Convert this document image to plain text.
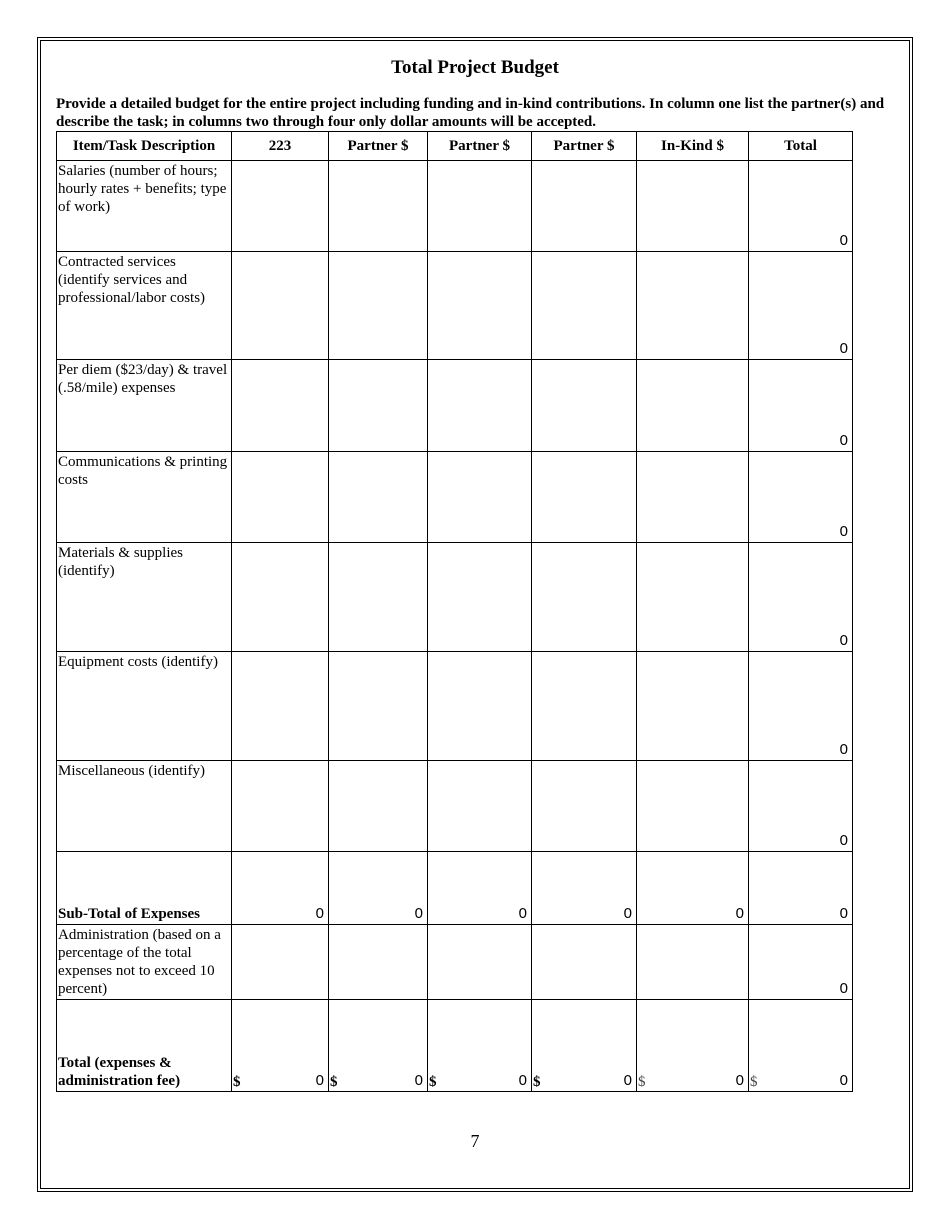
Total Project Budget
Provide a detailed budget for the entire project including funding and in-kind contributions. In column one list the partner(s) and describe the task; in columns two through four only dollar amounts will be accepted.
Item/Task Description	223	Partner $	Partner $	Partner $	In-Kind $	Total

Salaries (number of hours; hourly rates + benefits; type of work)						0

Contracted services (identify services and professional/labor costs)						0

Per diem ($23/day) & travel (.58/mile) expenses						0

Communications & printing costs						0

Materials & supplies (identify)						0

Equipment costs (identify)						0

Miscellaneous (identify)						0

Sub-Total of Expenses	0	0	0	0	0	0

Administration (based on a percentage of the total expenses not to exceed 10 percent)						0

Total (expenses & administration fee)	$ 0	$ 0	$ 0	$ 0	$ 0	$ 0
7
